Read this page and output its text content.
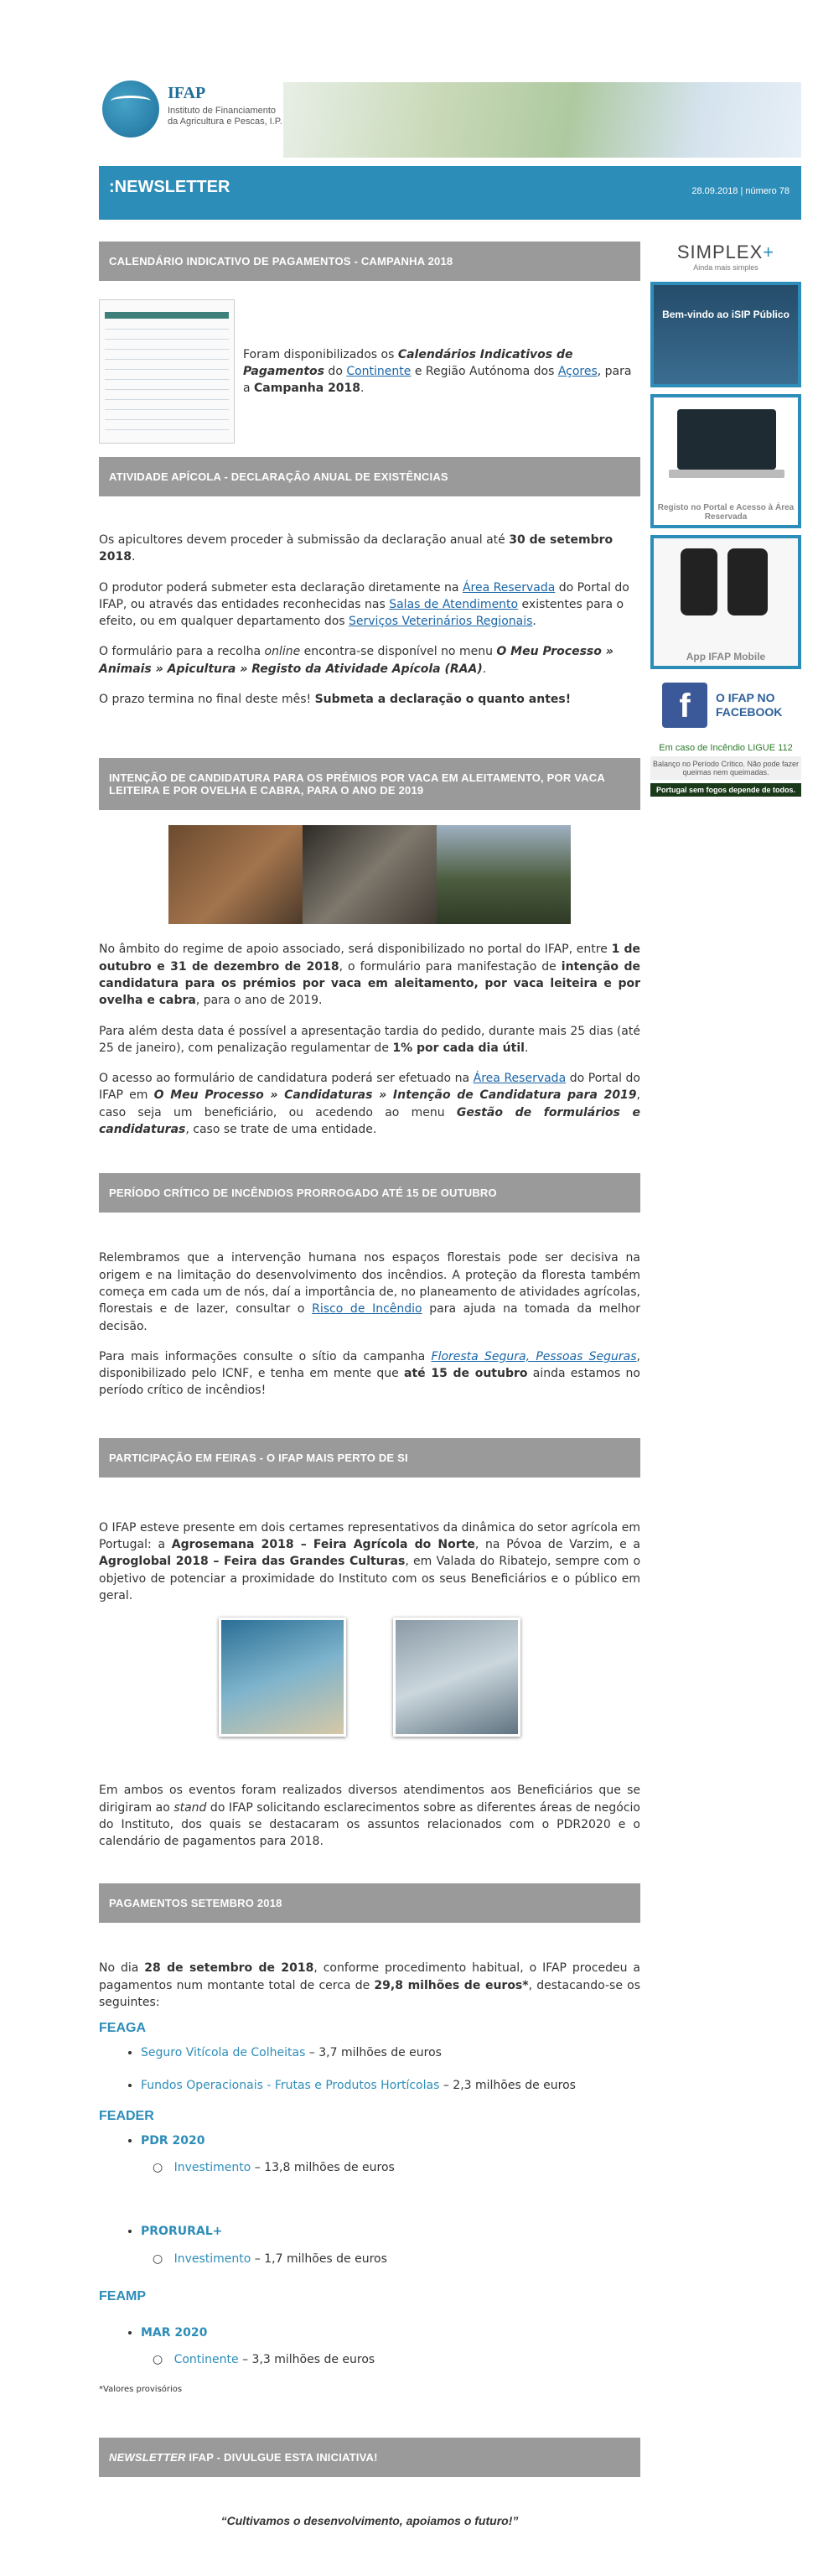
IFAP
Instituto de Financiamento da Agricultura e Pescas, I.P.
:NEWSLETTER	28.09.2018 | número 78
CALENDÁRIO INDICATIVO DE PAGAMENTOS - CAMPANHA 2018
Foram disponibilizados os Calendários Indicativos de Pagamentos do Continente e Região Autónoma dos Açores, para a Campanha 2018.
ATIVIDADE APÍCOLA - DECLARAÇÃO ANUAL DE EXISTÊNCIAS

Os apicultores devem proceder à submissão da declaração anual até 30 de setembro 2018.

O produtor poderá submeter esta declaração diretamente na Área Reservada do Portal do IFAP, ou através das entidades reconhecidas nas Salas de Atendimento existentes para o efeito, ou em qualquer departamento dos Serviços Veterinários Regionais.

O formulário para a recolha online encontra-se disponível no menu O Meu Processo » Animais » Apicultura » Registo da Atividade Apícola (RAA).

O prazo termina no final deste mês! Submeta a declaração o quanto antes!

INTENÇÃO DE CANDIDATURA PARA OS PRÉMIOS POR VACA EM ALEITAMENTO, POR VACA LEITEIRA E POR OVELHA E CABRA, PARA O ANO DE 2019

No âmbito do regime de apoio associado, será disponibilizado no portal do IFAP, entre 1 de outubro e 31 de dezembro de 2018, o formulário para manifestação de intenção de candidatura para os prémios por vaca em aleitamento, por vaca leiteira e por ovelha e cabra, para o ano de 2019.

Para além desta data é possível a apresentação tardia do pedido, durante mais 25 dias (até 25 de janeiro), com penalização regulamentar de 1% por cada dia útil.

O acesso ao formulário de candidatura poderá ser efetuado na Área Reservada do Portal do IFAP em O Meu Processo » Candidaturas » Intenção de Candidatura para 2019, caso seja um beneficiário, ou acedendo ao menu Gestão de formulários e candidaturas, caso se trate de uma entidade.

PERÍODO CRÍTICO DE INCÊNDIOS PRORROGADO ATÉ 15 DE OUTUBRO

Relembramos que a intervenção humana nos espaços florestais pode ser decisiva na origem e na limitação do desenvolvimento dos incêndios. A proteção da floresta também começa em cada um de nós, daí a importância de, no planeamento de atividades agrícolas, florestais e de lazer, consultar o Risco de Incêndio para ajuda na tomada da melhor decisão.

Para mais informações consulte o sítio da campanha Floresta Segura, Pessoas Seguras, disponibilizado pelo ICNF, e tenha em mente que até 15 de outubro ainda estamos no período crítico de incêndios!

PARTICIPAÇÃO EM FEIRAS - O IFAP MAIS PERTO DE SI

O IFAP esteve presente em dois certames representativos da dinâmica do setor agrícola em Portugal: a Agrosemana 2018 – Feira Agrícola do Norte, na Póvoa de Varzim, e a Agroglobal 2018 – Feira das Grandes Culturas, em Valada do Ribatejo, sempre com o objetivo de potenciar a proximidade do Instituto com os seus Beneficiários e o público em geral.

Em ambos os eventos foram realizados diversos atendimentos aos Beneficiários que se dirigiram ao stand do IFAP solicitando esclarecimentos sobre as diferentes áreas de negócio do Instituto, dos quais se destacaram os assuntos relacionados com o PDR2020 e o calendário de pagamentos para 2018.

PAGAMENTOS SETEMBRO 2018

No dia 28 de setembro de 2018, conforme procedimento habitual, o IFAP procedeu a pagamentos num montante total de cerca de 29,8 milhões de euros*, destacando-se os seguintes:

FEAGA
• Seguro Vitícola de Colheitas – 3,7 milhões de euros
• Fundos Operacionais - Frutas e Produtos Hortícolas – 2,3 milhões de euros
FEADER
• PDR 2020
○   Investimento – 13,8 milhões de euros
• PRORURAL+
○   Investimento – 1,7 milhões de euros
FEAMP
• MAR 2020
○   Continente – 3,3 milhões de euros
*Valores provisórios
NEWSLETTER IFAP - DIVULGUE ESTA INICIATIVA!
“Cultivamos o desenvolvimento, apoiamos o futuro!”
SIMPLEX+
Ainda mais simples
Bem-vindo ao iSIP Público
Registo no Portal e Acesso à Área Reservada
App IFAP Mobile
f	O IFAP NO FACEBOOK
Em caso de Incêndio LIGUE 112
Balanço no Período Crítico. Não pode fazer queimas nem queimadas.
Portugal sem fogos depende de todos.
